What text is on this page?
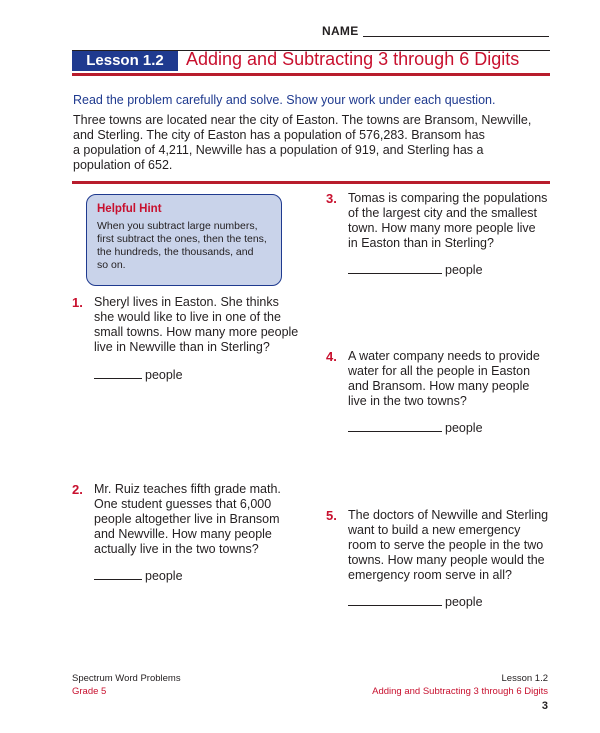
NAME
Lesson 1.2	Adding and Subtracting 3 through 6 Digits
Read the problem carefully and solve. Show your work under each question.
Three towns are located near the city of Easton. The towns are Bransom, Newville,
and Sterling. The city of Easton has a population of 576,283. Bransom has
a population of 4,211, Newville has a population of 919, and Sterling has a
population of 652.
Helpful Hint
When you subtract large numbers,
first subtract the ones, then the tens,
the hundreds, the thousands, and
so on.
1. Sheryl lives in Easton. She thinks
she would like to live in one of the
small towns. How many more people
live in Newville than in Sterling?
people
2. Mr. Ruiz teaches fifth grade math.
One student guesses that 6,000
people altogether live in Bransom
and Newville. How many people
actually live in the two towns?
people
3. Tomas is comparing the populations
of the largest city and the smallest
town. How many more people live
in Easton than in Sterling?
people
4. A water company needs to provide
water for all the people in Easton
and Bransom. How many people
live in the two towns?
people
5. The doctors of Newville and Sterling
want to build a new emergency
room to serve the people in the two
towns. How many people would the
emergency room serve in all?
people
Spectrum Word Problems
Grade 5
Lesson 1.2
Adding and Subtracting 3 through 6 Digits
3
